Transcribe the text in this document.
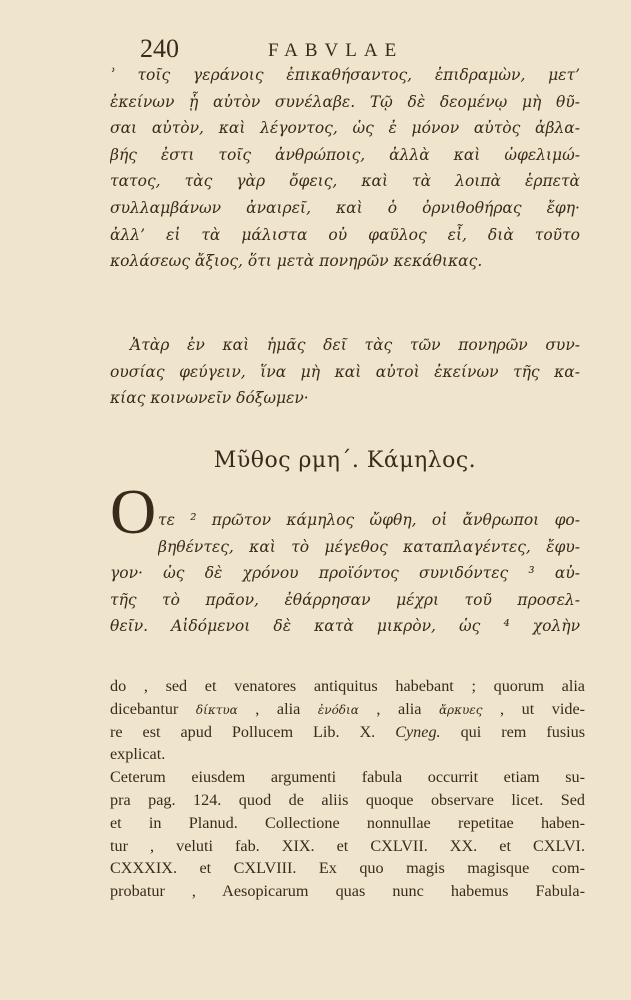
240	FABVLAE
ʾ τοῖς γεράνοις ἐπικαθήσαντος, ἐπιδραμὼν, μετ’
ἐκείνων ᾗ αὐτὸν συνέλαβε. Τῷ δὲ δεομένῳ μὴ θῦ-
σαι αὐτὸν, καὶ λέγοντος, ὡς ἐ μόνον αὐτὸς ἀβλα-
βής ἐστι τοῖς ἀνθρώποις, ἀλλὰ καὶ ὠφελιμώ-
τατος, τὰς γὰρ ὄφεις, καὶ τὰ λοιπὰ ἑρπετὰ
συλλαμβάνων ἀναιρεῖ, καὶ ὁ ὀρνιθοθήρας ἔφη·
ἀλλ’ εἰ τὰ μάλιστα οὐ φαῦλος εἶ, διὰ τοῦτο
κολάσεως ἄξιος, ὅτι μετὰ πονηρῶν κεκάθικας.
Ἀτὰρ ἐν καὶ ἡμᾶς δεῖ τὰς τῶν πονηρῶν συν-
ουσίας φεύγειν, ἵνα μὴ καὶ αὐτοὶ ἐκείνων τῆς κα-
κίας κοινωνεῖν δόξωμεν·
Μῦθος ρμη΄. Κάμηλος.
Ο τε ² πρῶτον κάμηλος ὤφθη, οἱ ἄνθρωποι φο-
βηθέντες, καὶ τὸ μέγεθος καταπλαγέντες, ἔφυ-
γον· ὡς δὲ χρόνου προϊόντος συνιδόντες ³ αὐ-
τῆς τὸ πρᾶον, ἐθάρρησαν μέχρι τοῦ προσελ-
θεῖν. Αἰδόμενοι δὲ κατὰ μικρὸν, ὡς ⁴ χολὴν
do , sed et venatores antiquitus habebant ; quorum alia
dicebantur δίκτυα , alia ἐνόδια , alia ἄρκυες , ut vide-
re est apud Pollucem Lib. X. Cyneg. qui rem fusius
explicat.
Ceterum eiusdem argumenti fabula occurrit etiam su-
pra pag. 124. quod de aliis quoque observare licet. Sed
et in Planud. Collectione nonnullae repetitae haben-
tur , veluti fab. XIX. et CXLVII. XX. et CXLVI.
CXXXIX. et CXLVIII. Ex quo magis magisque com-
probatur , Aesopicarum quas nunc habemus Fabula-
